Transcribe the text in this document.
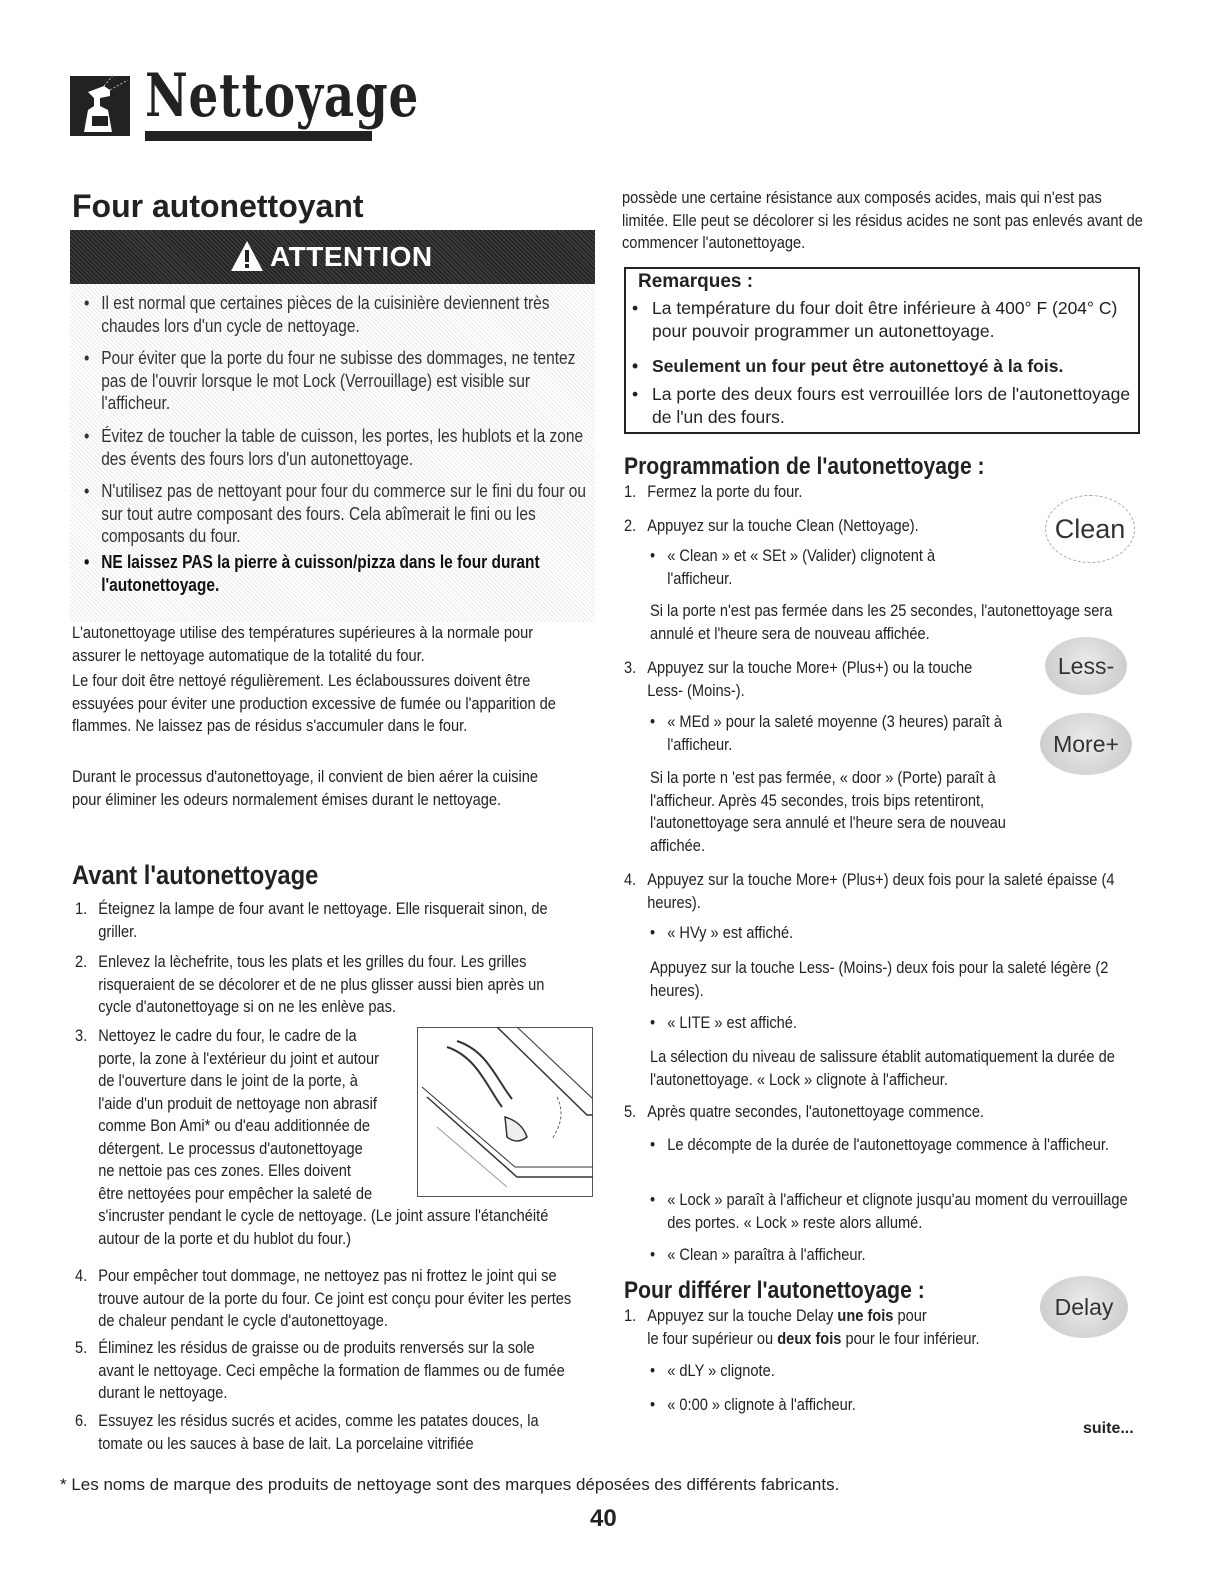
Nettoyage
Four autonettoyant
ATTENTION
• Il est normal que certaines pièces de la cuisinière deviennent très chaudes lors d'un cycle de nettoyage.
• Pour éviter que la porte du four ne subisse des dommages, ne tentez pas de l'ouvrir lorsque le mot Lock (Verrouillage) est visible sur l'afficheur.
• Évitez de toucher la table de cuisson, les portes, les hublots et la zone des évents des fours lors d'un autonettoyage.
• N'utilisez pas de nettoyant pour four du commerce sur le fini du four ou sur tout autre composant des fours. Cela abîmerait le fini ou les composants du four.
• NE laissez PAS la pierre à cuisson/pizza dans le four durant l'autonettoyage.
L'autonettoyage utilise des températures supérieures à la normale pour assurer le nettoyage automatique de la totalité du four.
Le four doit être nettoyé régulièrement. Les éclaboussures doivent être essuyées pour éviter une production excessive de fumée ou l'apparition de flammes. Ne laissez pas de résidus s'accumuler dans le four.
Durant le processus d'autonettoyage, il convient de bien aérer la cuisine pour éliminer les odeurs normalement émises durant le nettoyage.
Avant l'autonettoyage
1. Éteignez la lampe de four avant le nettoyage. Elle risquerait sinon, de griller.

2. Enlevez la lèchefrite, tous les plats et les grilles du four. Les grilles risqueraient de se décolorer et de ne plus glisser aussi bien après un cycle d'autonettoyage si on ne les enlève pas.

3. Nettoyez le cadre du four, le cadre de la porte, la zone à l'extérieur du joint et autour de l'ouverture dans le joint de la porte, à l'aide d'un produit de nettoyage non abrasif comme Bon Ami* ou d'eau additionnée de détergent. Le processus d'autonettoyage ne nettoie pas ces zones. Elles doivent être nettoyées pour empêcher la saleté de s'incruster pendant le cycle de nettoyage. (Le joint assure l'étanchéité autour de la porte et du hublot du four.)

4. Pour empêcher tout dommage, ne nettoyez pas ni frottez le joint qui se trouve autour de la porte du four. Ce joint est conçu pour éviter les pertes de chaleur pendant le cycle d'autonettoyage.

5. Éliminez les résidus de graisse ou de produits renversés sur la sole avant le nettoyage. Ceci empêche la formation de flammes ou de fumée durant le nettoyage.

6. Essuyez les résidus sucrés et acides, comme les patates douces, la tomate ou les sauces à base de lait. La porcelaine vitrifiée

possède une certaine résistance aux composés acides, mais qui n'est pas limitée. Elle peut se décolorer si les résidus acides ne sont pas enlevés avant de commencer l'autonettoyage.
Remarques :
• La température du four doit être inférieure à 400° F (204° C) pour pouvoir programmer un autonettoyage.
• Seulement un four peut être autonettoyé à la fois.
• La porte des deux fours est verrouillée lors de l'autonettoyage de l'un des fours.
Programmation de l'autonettoyage :
1. Fermez la porte du four.

2. Appuyez sur la touche Clean (Nettoyage).

• « Clean » et « SEt » (Valider) clignotent à l'afficheur.

Si la porte n'est pas fermée dans les 25 secondes, l'autonettoyage sera annulé et l'heure sera de nouveau affichée.
3. Appuyez sur la touche More+ (Plus+) ou la touche Less- (Moins-).

• « MEd » pour la saleté moyenne (3 heures) paraît à l'afficheur.

Si la porte n 'est pas fermée, « door » (Porte) paraît à l'afficheur. Après 45 secondes, trois bips retentiront, l'autonettoyage sera annulé et l'heure sera de nouveau affichée.
4. Appuyez sur la touche More+ (Plus+) deux fois pour la saleté épaisse (4 heures).

• « HVy » est affiché.

Appuyez sur la touche Less- (Moins-) deux fois pour la saleté légère (2 heures).
• « LITE » est affiché.

La sélection du niveau de salissure établit automatiquement la durée de l'autonettoyage. « Lock » clignote à l'afficheur.
5. Après quatre secondes, l'autonettoyage commence.

• Le décompte de la durée de l'autonettoyage commence à l'afficheur.

• « Lock » paraît à l'afficheur et clignote jusqu'au moment du verrouillage des portes. « Lock » reste alors allumé.

• « Clean » paraîtra à l'afficheur.

Pour différer l'autonettoyage :
1. Appuyez sur la touche Delay une fois pour

le four supérieur ou deux fois pour le four inférieur.

• « dLY » clignote.

• « 0:00 » clignote à l'afficheur.

suite...
Clean
Less-
More+
Delay
* Les noms de marque des produits de nettoyage sont des marques déposées des différents fabricants.
40
